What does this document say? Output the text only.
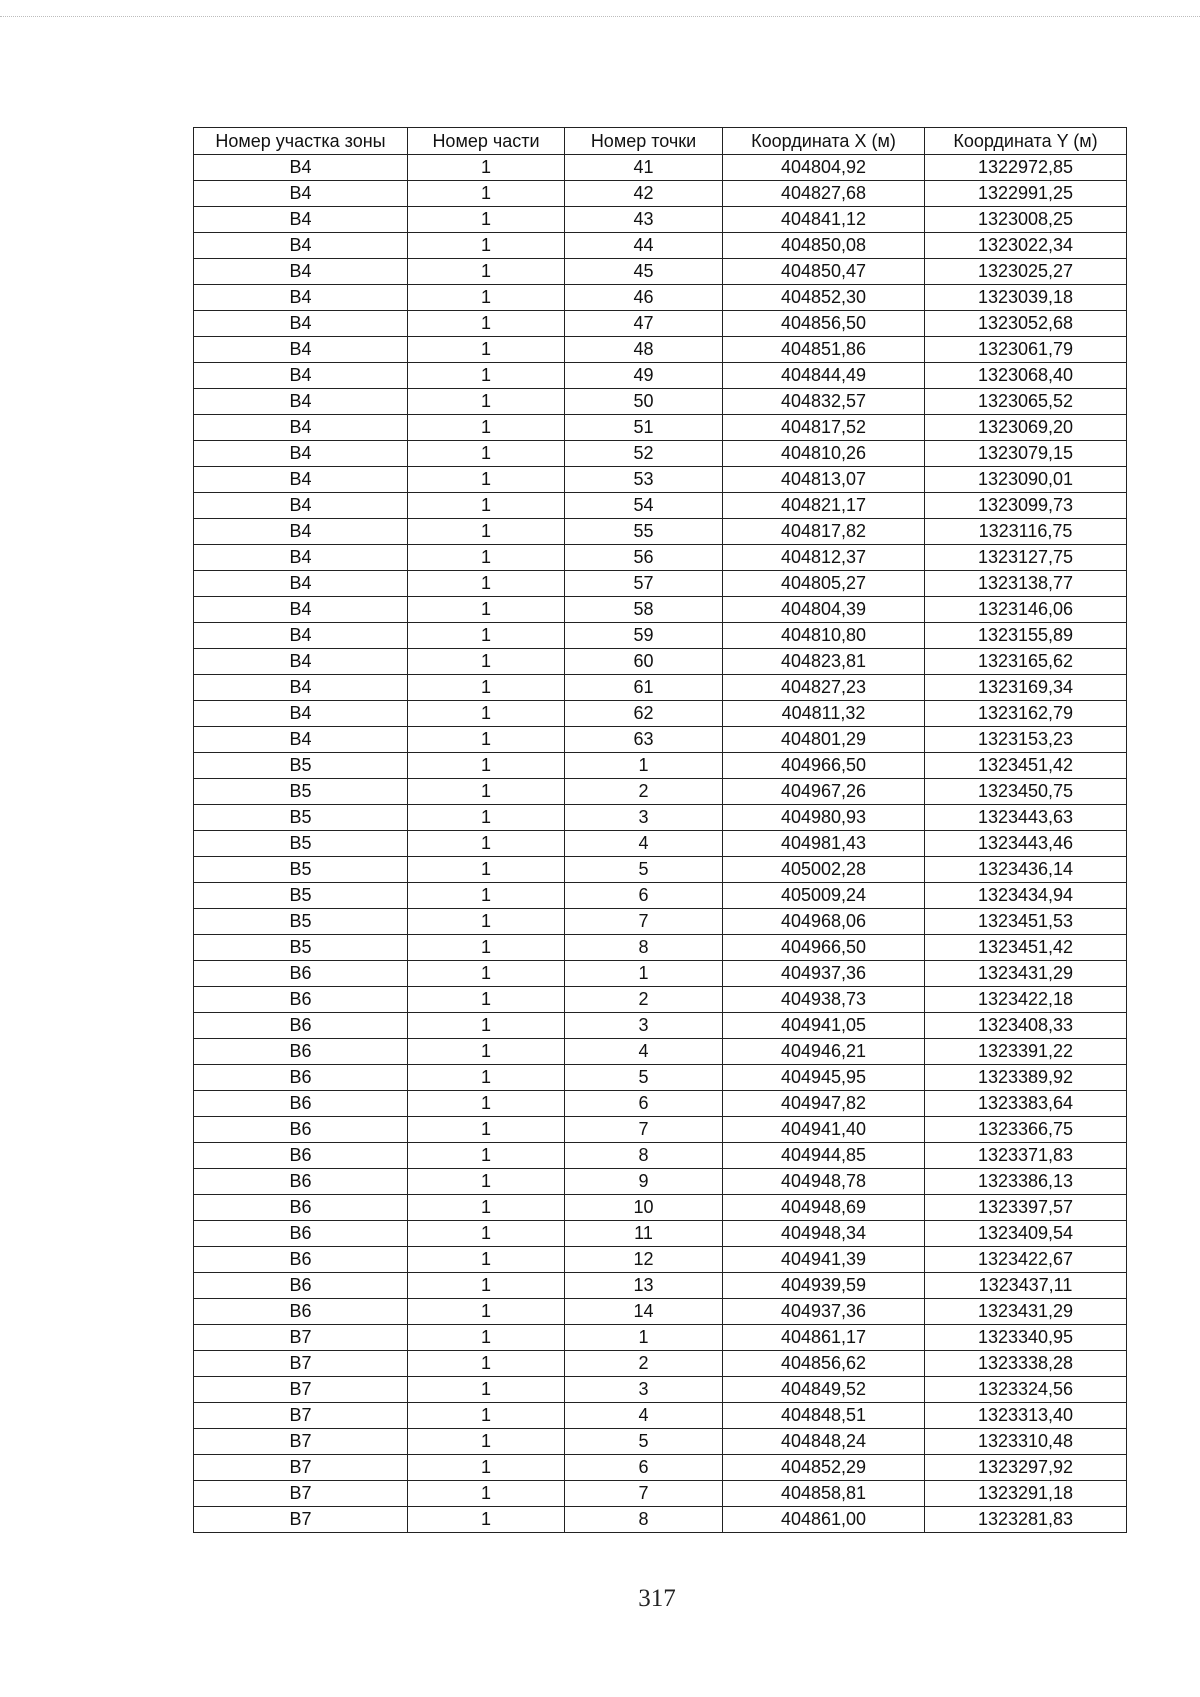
Номер участка зоны	Номер части	Номер точки	Координата X (м)	Координата Y (м)
В4	1	41	404804,92	1322972,85
В4	1	42	404827,68	1322991,25
В4	1	43	404841,12	1323008,25
В4	1	44	404850,08	1323022,34
В4	1	45	404850,47	1323025,27
В4	1	46	404852,30	1323039,18
В4	1	47	404856,50	1323052,68
В4	1	48	404851,86	1323061,79
В4	1	49	404844,49	1323068,40
В4	1	50	404832,57	1323065,52
В4	1	51	404817,52	1323069,20
В4	1	52	404810,26	1323079,15
В4	1	53	404813,07	1323090,01
В4	1	54	404821,17	1323099,73
В4	1	55	404817,82	1323116,75
В4	1	56	404812,37	1323127,75
В4	1	57	404805,27	1323138,77
В4	1	58	404804,39	1323146,06
В4	1	59	404810,80	1323155,89
В4	1	60	404823,81	1323165,62
В4	1	61	404827,23	1323169,34
В4	1	62	404811,32	1323162,79
В4	1	63	404801,29	1323153,23
В5	1	1	404966,50	1323451,42
В5	1	2	404967,26	1323450,75
В5	1	3	404980,93	1323443,63
В5	1	4	404981,43	1323443,46
В5	1	5	405002,28	1323436,14
В5	1	6	405009,24	1323434,94
В5	1	7	404968,06	1323451,53
В5	1	8	404966,50	1323451,42
В6	1	1	404937,36	1323431,29
В6	1	2	404938,73	1323422,18
В6	1	3	404941,05	1323408,33
В6	1	4	404946,21	1323391,22
В6	1	5	404945,95	1323389,92
В6	1	6	404947,82	1323383,64
В6	1	7	404941,40	1323366,75
В6	1	8	404944,85	1323371,83
В6	1	9	404948,78	1323386,13
В6	1	10	404948,69	1323397,57
В6	1	11	404948,34	1323409,54
В6	1	12	404941,39	1323422,67
В6	1	13	404939,59	1323437,11
В6	1	14	404937,36	1323431,29
В7	1	1	404861,17	1323340,95
В7	1	2	404856,62	1323338,28
В7	1	3	404849,52	1323324,56
В7	1	4	404848,51	1323313,40
В7	1	5	404848,24	1323310,48
В7	1	6	404852,29	1323297,92
В7	1	7	404858,81	1323291,18
В7	1	8	404861,00	1323281,83
317
